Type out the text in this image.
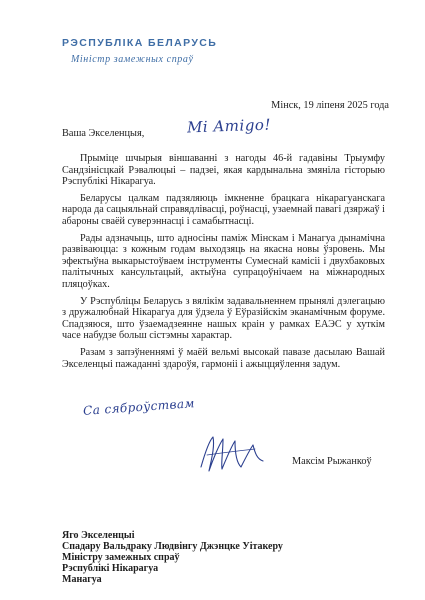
РЭСПУБЛІКА БЕЛАРУСЬ
Міністр замежных спраў
Мінск, 19 ліпеня 2025 года
Ваша Экселенцыя,	Mi Amigo!

Прыміце шчырыя віншаванні з нагоды 46-й гадавіны Трыумфу Сандзінісцкай Рэвалюцыі – падзеі, якая кардынальна змяніла гісторыю Рэспублікі Нікарагуа.

Беларусы цалкам падзяляюць імкненне брацкага нікарагуанскага народа да сацыяльнай справядлівасці, роўнасці, узаемнай павагі дзяржаў і абароны сваёй суверэннасці і самабытнасці.

Рады адзначыць, што адносіны паміж Мінскам і Манагуа дынамічна развіваюцца: з кожным годам выходзяць на якасна новы ўзровень. Мы эфектыўна выкарыстоўваем інструменты Сумеснай камісіі і двухбаковых палітычных кансультацый, актыўна супрацоўнічаем на міжнародных пляцоўках.

У Рэспубліцы Беларусь з вялікім задавальненнем прынялі дэлегацыю з дружалюбнай Нікарагуа для ўдзела ў Еўразійскім эканамічным форуме. Спадзяюся, што ўзаемадзеянне нашых краін у рамках ЕАЭС у хуткім часе набудзе больш сістэмны характар.

Разам з запэўненнямі ў маёй вельмі высокай павазе дасылаю Вашай Экселенцыі пажаданні здароўя, гармоніі і ажыццяўлення задум.

Са сяброўствам
Максім Рыжанкоў
Яго Экселенцыі
Спадару Вальдраку Людвінгу Джэнцке Уітакеру
Міністру замежных спраў
Рэспублікі Нікарагуа
Манагуа
